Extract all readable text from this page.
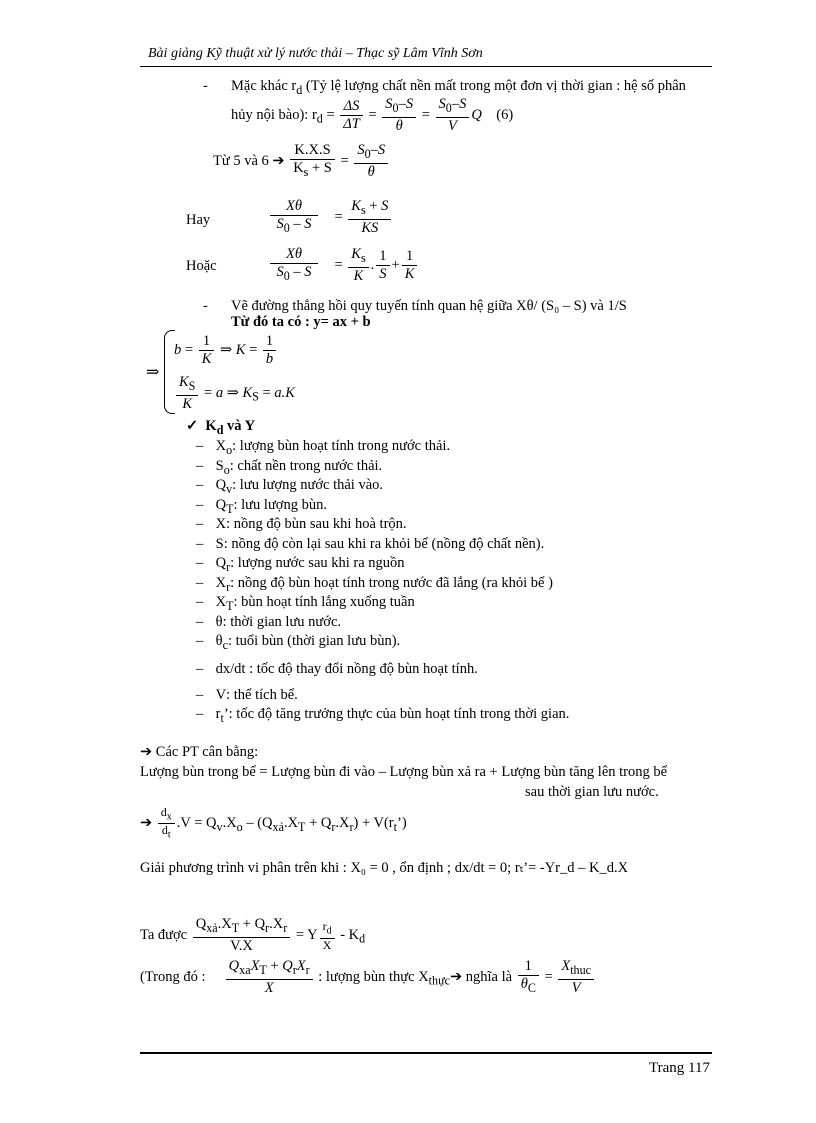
Bài giảng Kỹ thuật xử lý nước thải – Thạc sỹ Lâm Vĩnh Sơn
- Mặc khác $r_d$ (Tỷ lệ lượng chất nền mất trong một đơn vị thời gian : hệ số phân
hủy nội bào): $r_d = \frac{\Delta S}{\Delta T} = \frac{S_0-S}{\theta} = \frac{S_0-S}{V}$ Q (6)
Từ 5 và 6 ➔ $\frac{K.X.S}{K_s + S} = \frac{S_0-S}{\theta}$
Hay	$\frac{X\theta}{S_0 - S} = \frac{K_s + S}{KS}$
Hoặc	$\frac{X\theta}{S_0 - S} = \frac{K_s}{K}$ . $\frac{1}{S} + \frac{1}{K}$
- Vẽ đường thẳng hồi quy tuyến tính quan hệ giữa Xθ/ (S₀ – S) và 1/S
Từ đó ta có : y= ax + b
⇒
$b = \frac{1}{K}$ ⇒ $K = \frac{1}{b}$
$\frac{K_S}{K} = a$ ⇒ $K_S = a.K$
✓ $K_d$ và Y
– $X_o$: lượng bùn hoạt tính trong nước thải.
– $S_o$: chất nền trong nước thải.
– $Q_v$: lưu lượng nước thải vào.
– $Q_T$: lưu lượng bùn.
– X: nồng độ bùn sau khi hoà trộn.
– S: nồng độ còn lại sau khi ra khỏi bể (nồng độ chất nền).
– $Q_r$: lượng nước sau khi ra nguồn
– $X_r$: nồng độ bùn hoạt tính trong nước đã lắng (ra khỏi bể )
– $X_T$: bùn hoạt tính lắng xuống tuần
– θ: thời gian lưu nước.
– $\theta_c$: tuổi bùn (thời gian lưu bùn).
– dx/dt : tốc độ thay đổi nồng độ bùn hoạt tính.
– V: thể tích bể.
– $r_t$’: tốc độ tăng trưởng thực của bùn hoạt tính trong thời gian.
➔ Các PT cân bằng:
Lượng bùn trong bể = Lượng bùn đi vào – Lượng bùn xả ra + Lượng bùn tăng lên trong bể
sau thời gian lưu nước.
➔ $\frac{d_x}{d_t} .V = Q_v.X_o - (Q_{xả}.X_T + Q_r.X_r)$ + $V(r_t’)$
Giải phương trình vi phân trên khi : X₀ = 0 , ổn định ; dx/dt = 0; rₜ’= -Yr_d – K_d.X
Ta được $\frac{Q_{xả}.X_T + Q_r.X_r}{V.X} = Y \frac{r_d}{X} - K_d$
(Trong đó : $\frac{Q_{xa}X_T + Q_rX_r}{X}$ : lượng bùn thực $X_{thực}➔$ nghĩa là $\frac{1}{\theta_C} = \frac{X_{thuc}}{V}$
Trang 117
